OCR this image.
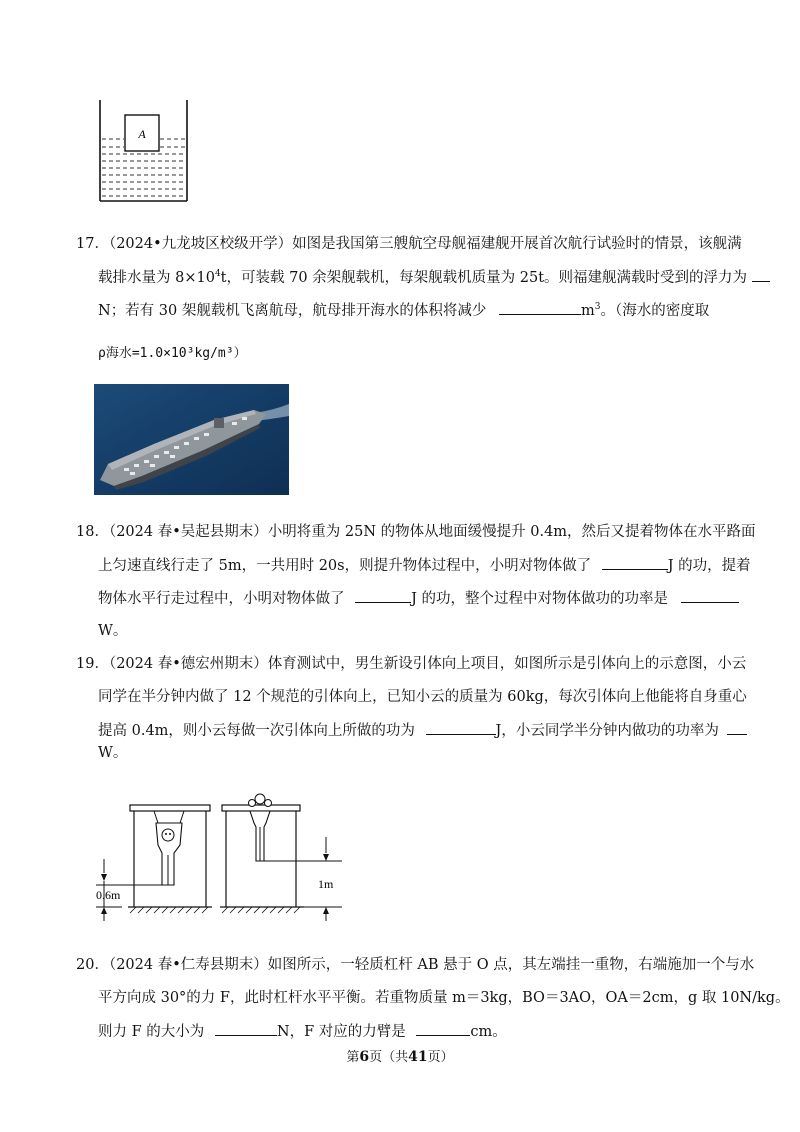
A
17．（2024•九龙坡区校级开学）如图是我国第三艘航空母舰福建舰开展首次航行试验时的情景，该舰满
载排水量为 $8\times 10^4t$，可装载 70 余架舰载机，每架舰载机质量为 25t。则福建舰满载时受到的浮力为
N；若有 30 架舰载机飞离航母，航母排开海水的体积将减少	$m^3$。（海水的密度取
ρ海水=1.0×10³kg/m³）
18．（2024 春•吴起县期末）小明将重为 25N 的物体从地面缓慢提升 0.4m，然后又提着物体在水平路面
上匀速直线行走了 5m，一共用时 20s，则提升物体过程中，小明对物体做了	J 的功，提着
物体水平行走过程中，小明对物体做了	J 的功，整个过程中对物体做功的功率是
W。
19．（2024 春•德宏州期末）体育测试中，男生新设引体向上项目，如图所示是引体向上的示意图，小云
同学在半分钟内做了 12 个规范的引体向上，已知小云的质量为 60kg，每次引体向上他能将自身重心
提高 0.4m，则小云每做一次引体向上所做的功为	J，小云同学半分钟内做功的功率为
W。
0.6m
1m
20．（2024 春•仁寿县期末）如图所示，一轻质杠杆 AB 悬于 O 点，其左端挂一重物，右端施加一个与水
平方向成 30°的力 F，此时杠杆水平平衡。若重物质量 m＝3kg，BO＝3AO，OA＝2cm，g 取 10N/kg。
则力 F 的大小为	N，F 对应的力臂是	cm。
第6页（共41页）
